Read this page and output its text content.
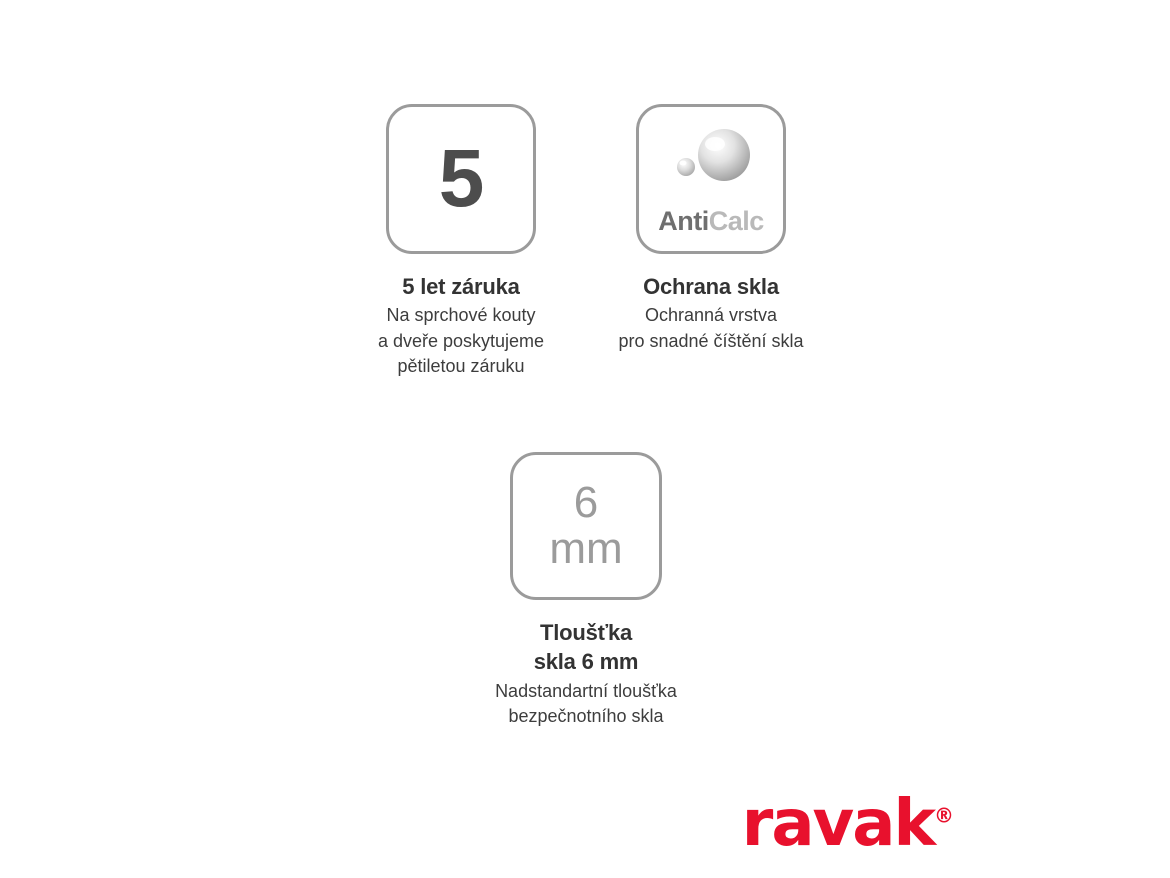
5
5 let záruka
Na sprchové kouty
a dveře poskytujeme
pětiletou záruku
AntiCalc
Ochrana skla
Ochranná vrstva
pro snadné číštění skla
6
mm
Tloušťka
skla 6 mm
Nadstandartní tloušťka
bezpečnotního skla
ravak®
